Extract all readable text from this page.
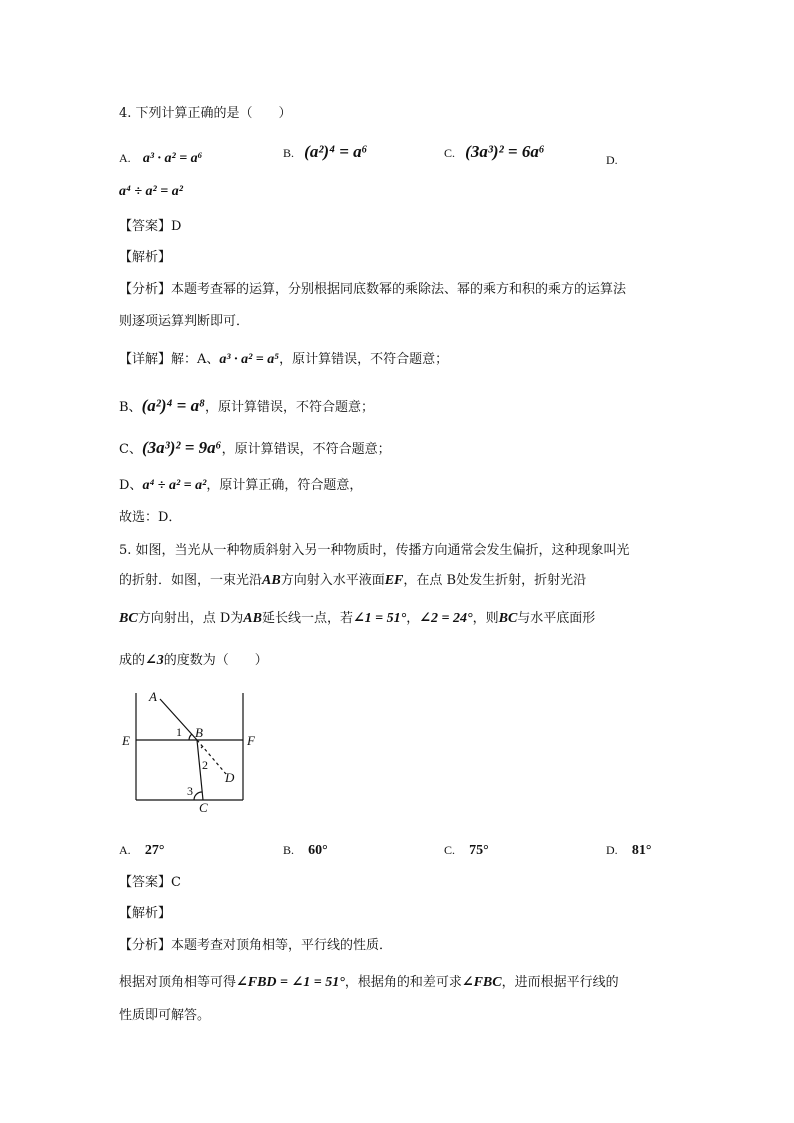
4. 下列计算正确的是（　　）
A. a³ · a² = a⁶	B. (a²)⁴ = a⁶	C. (3a³)² = 6a⁶	D.
a⁴ ÷ a² = a²
【答案】D
【解析】
【分析】本题考查幂的运算，分别根据同底数幂的乘除法、幂的乘方和积的乘方的运算法
则逐项运算判断即可．
【详解】解：A、a³ · a² = a⁵，原计算错误，不符合题意；
B、(a²)⁴ = a⁸，原计算错误，不符合题意；
C、(3a³)² = 9a⁶，原计算错误，不符合题意；
D、a⁴ ÷ a² = a²，原计算正确，符合题意，
故选：D．
5. 如图，当光从一种物质斜射入另一种物质时，传播方向通常会发生偏折，这种现象叫光
的折射．如图，一束光沿AB方向射入水平液面EF，在点 B处发生折射，折射光沿
BC方向射出，点 D为AB延长线一点，若∠1 = 51°，∠2 = 24°，则BC与水平底面形
成的∠3的度数为（　　）
A
B
C
D
E	F
1
2
3
A. 27°	B. 60°	C. 75°	D. 81°
【答案】C
【解析】
【分析】本题考查对顶角相等，平行线的性质．
根据对顶角相等可得∠FBD = ∠1 = 51°，根据角的和差可求∠FBC，进而根据平行线的
性质即可解答。
